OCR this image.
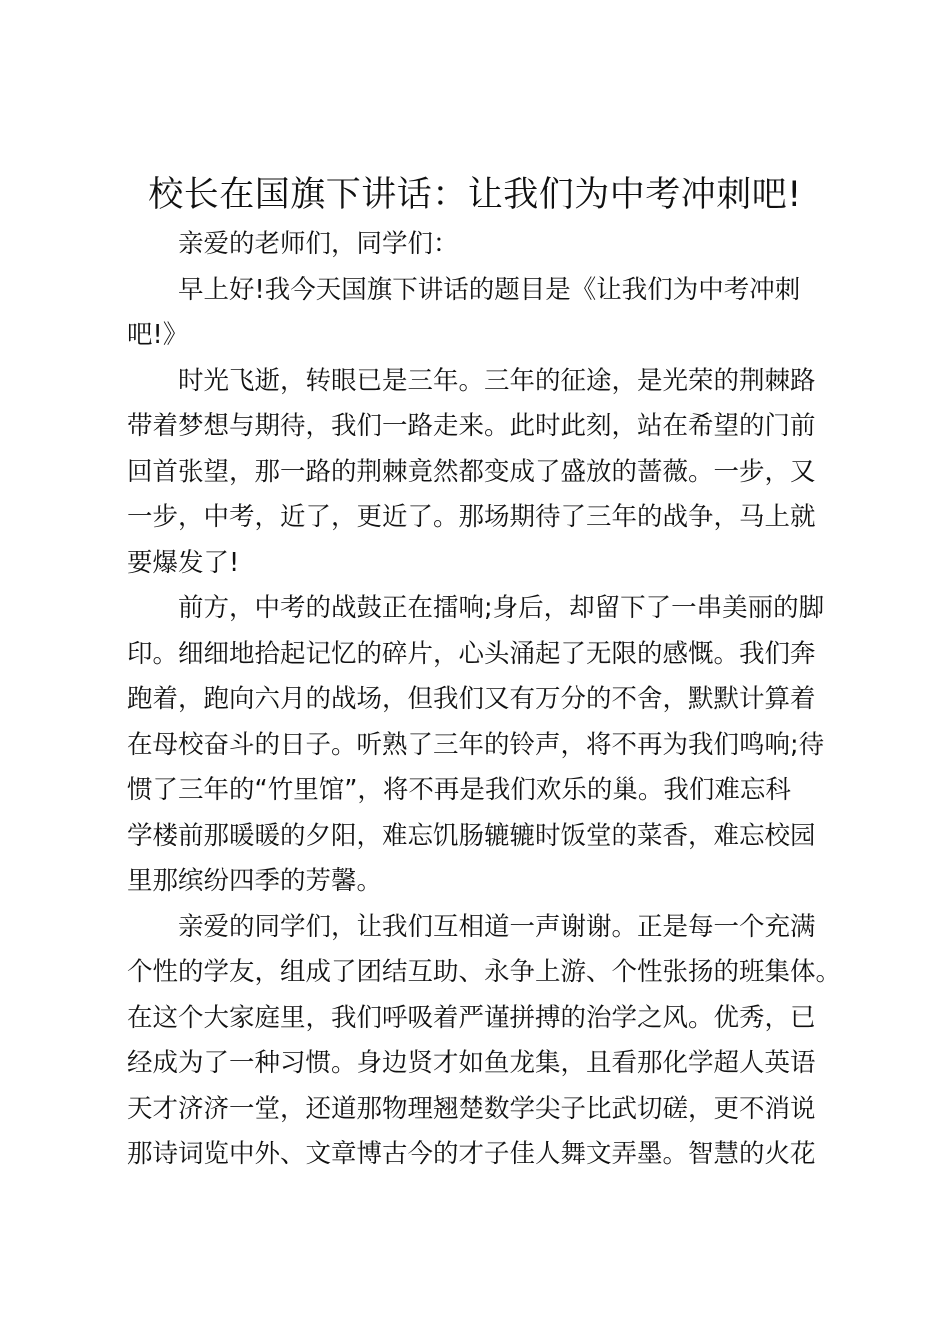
校长在国旗下讲话：让我们为中考冲刺吧!
亲爱的老师们，同学们：
早上好!我今天国旗下讲话的题目是《让我们为中考冲刺
吧!》
时光飞逝，转眼已是三年。三年的征途，是光荣的荆棘路
带着梦想与期待，我们一路走来。此时此刻，站在希望的门前
回首张望，那一路的荆棘竟然都变成了盛放的蔷薇。一步，又
一步，中考，近了，更近了。那场期待了三年的战争，马上就
要爆发了!
前方，中考的战鼓正在擂响;身后，却留下了一串美丽的脚
印。细细地拾起记忆的碎片，心头涌起了无限的感慨。我们奔
跑着，跑向六月的战场，但我们又有万分的不舍，默默计算着
在母校奋斗的日子。听熟了三年的铃声，将不再为我们鸣响;待
惯了三年的“竹里馆”，将不再是我们欢乐的巢。我们难忘科
学楼前那暖暖的夕阳，难忘饥肠辘辘时饭堂的菜香，难忘校园
里那缤纷四季的芳馨。
亲爱的同学们，让我们互相道一声谢谢。正是每一个充满
个性的学友，组成了团结互助、永争上游、个性张扬的班集体。
在这个大家庭里，我们呼吸着严谨拼搏的治学之风。优秀，已
经成为了一种习惯。身边贤才如鱼龙集，且看那化学超人英语
天才济济一堂，还道那物理翘楚数学尖子比武切磋，更不消说
那诗词览中外、文章博古今的才子佳人舞文弄墨。智慧的火花
